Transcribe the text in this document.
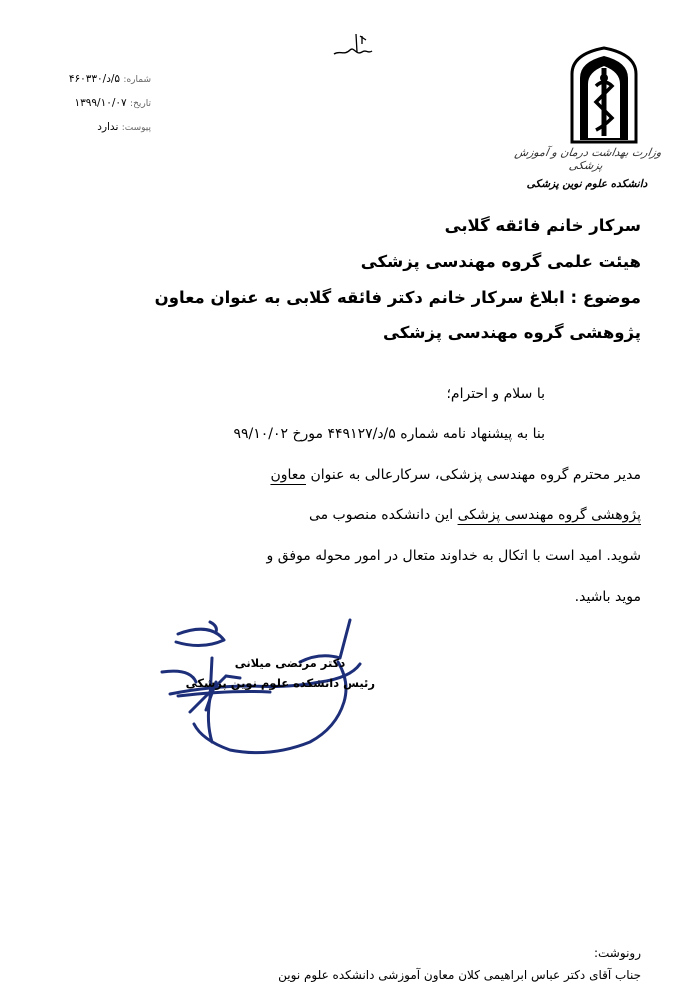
شماره: ۵/د/۴۶۰۳۳۰
تاریخ: ۱۳۹۹/۱۰/۰۷
پیوست: ندارد
وزارت بهداشت درمان و آموزش پزشکی
دانشکده علوم نوین پزشکی
سرکار خانم فائقه گلابی
هیئت علمی گروه مهندسی پزشکی
موضوع : ابلاغ سرکار خانم دکتر فائقه گلابی به عنوان معاون
پژوهشی گروه مهندسی پزشکی
با سلام و احترام؛
بنا به پیشنهاد نامه شماره ۵/د/۴۴۹۱۲۷ مورخ ۹۹/۱۰/۰۲
مدیر محترم گروه مهندسی پزشکی، سرکارعالی به عنوان معاون
پژوهشی گروه مهندسی پزشکی این دانشکده منصوب می
شوید. امید است با اتکال به خداوند متعال در امور محوله موفق و
موید باشید.
دکتر مرتضی میلانی
رئیس دانشکده علوم نوین پزشکی
رونوشت:
جناب آقای دکتر عباس ابراهیمی کلان معاون آموزشی دانشکده علوم نوین
